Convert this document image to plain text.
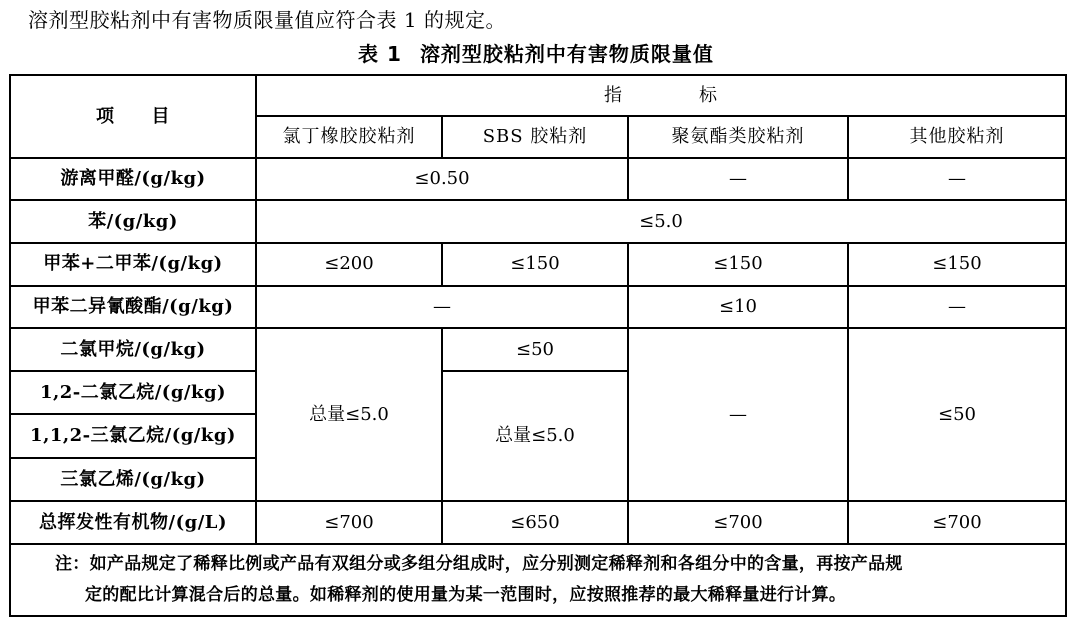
溶剂型胶粘剂中有害物质限量值应符合表 1 的规定。
表 1 溶剂型胶粘剂中有害物质限量值
项　　目	指　　　　标			
	氯丁橡胶胶粘剂	SBS 胶粘剂	聚氨酯类胶粘剂	其他胶粘剂
游离甲醛/(g/kg)	≤0.50		—	—
苯/(g/kg)	≤5.0			
甲苯+二甲苯/(g/kg)	≤200	≤150	≤150	≤150
甲苯二异氰酸酯/(g/kg)	—		≤10	—
二氯甲烷/(g/kg)	总量≤5.0	≤50	—	≤50
1,2-二氯乙烷/(g/kg)		总量≤5.0		
1,1,2-三氯乙烷/(g/kg)				
三氯乙烯/(g/kg)				
总挥发性有机物/(g/L)	≤700	≤650	≤700	≤700
注：如产品规定了稀释比例或产品有双组分或多组分组成时，应分别测定稀释剂和各组分中的含量，再按产品规
定的配比计算混合后的总量。如稀释剂的使用量为某一范围时，应按照推荐的最大稀释量进行计算。				
